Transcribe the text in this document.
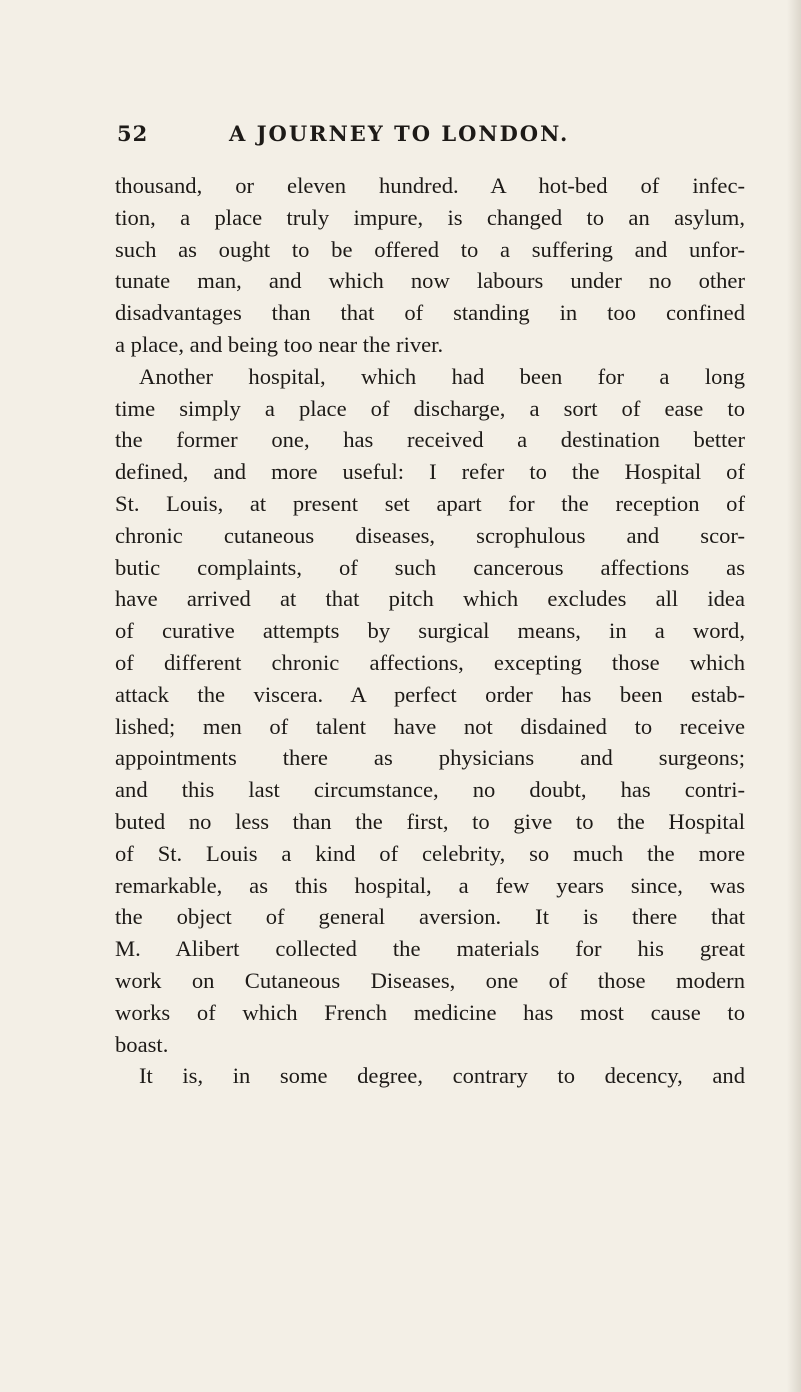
52	A JOURNEY TO LONDON.
thousand, or eleven hundred. A hot-bed of infec-
tion, a place truly impure, is changed to an asylum,
such as ought to be offered to a suffering and unfor-
tunate man, and which now labours under no other
disadvantages than that of standing in too confined
a place, and being too near the river.
Another hospital, which had been for a long
time simply a place of discharge, a sort of ease to
the former one, has received a destination better
defined, and more useful: I refer to the Hospital of
St. Louis, at present set apart for the reception of
chronic cutaneous diseases, scrophulous and scor-
butic complaints, of such cancerous affections as
have arrived at that pitch which excludes all idea
of curative attempts by surgical means, in a word,
of different chronic affections, excepting those which
attack the viscera. A perfect order has been estab-
lished; men of talent have not disdained to receive
appointments there as physicians and surgeons;
and this last circumstance, no doubt, has contri-
buted no less than the first, to give to the Hospital
of St. Louis a kind of celebrity, so much the more
remarkable, as this hospital, a few years since, was
the object of general aversion. It is there that
M. Alibert collected the materials for his great
work on Cutaneous Diseases, one of those modern
works of which French medicine has most cause to
boast.
It is, in some degree, contrary to decency, and
